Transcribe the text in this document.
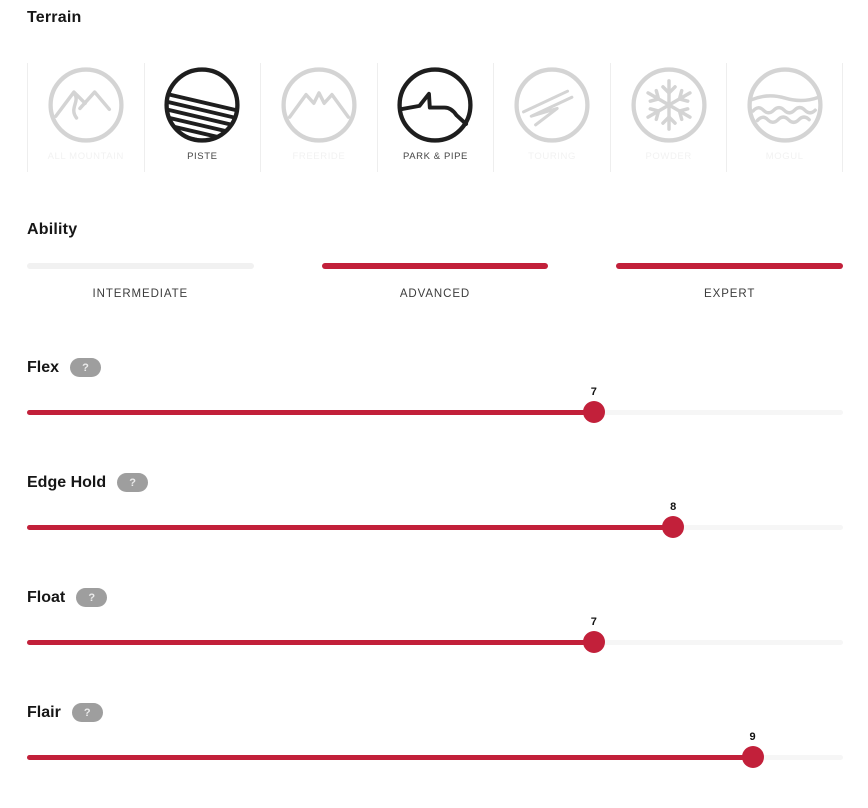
Terrain
ALL MOUNTAIN	PISTE	FREERIDE	PARK & PIPE	TOURING	POWDER	MOGUL
Ability
INTERMEDIATE	ADVANCED	EXPERT
Flex	?
7
Edge Hold	?
8
Float	?
7
Flair	?
9
